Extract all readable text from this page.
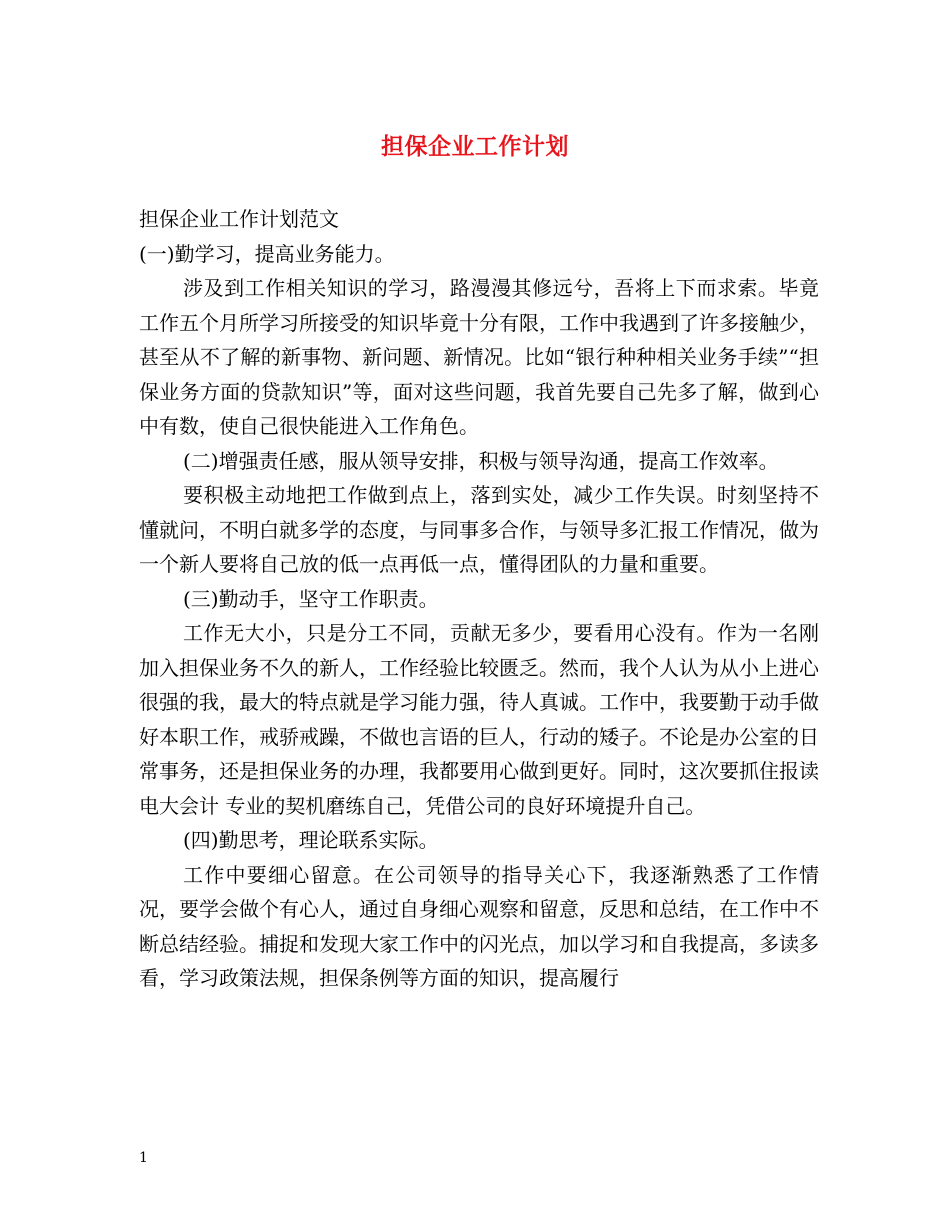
担保企业工作计划

担保企业工作计划范文

(一)勤学习，提高业务能力。

涉及到工作相关知识的学习，路漫漫其修远兮，吾将上下而求索。毕竟工作五个月所学习所接受的知识毕竟十分有限，工作中我遇到了许多接触少，甚至从不了解的新事物、新问题、新情况。比如“银行种种相关业务手续”“担保业务方面的贷款知识”等，面对这些问题，我首先要自己先多了解，做到心中有数，使自己很快能进入工作角色。

(二)增强责任感，服从领导安排，积极与领导沟通，提高工作效率。

要积极主动地把工作做到点上，落到实处，减少工作失误。时刻坚持不懂就问，不明白就多学的态度，与同事多合作，与领导多汇报工作情况，做为一个新人要将自己放的低一点再低一点，懂得团队的力量和重要。

(三)勤动手，坚守工作职责。

工作无大小，只是分工不同，贡献无多少，要看用心没有。作为一名刚加入担保业务不久的新人，工作经验比较匮乏。然而，我个人认为从小上进心很强的我，最大的特点就是学习能力强，待人真诚。工作中，我要勤于动手做好本职工作，戒骄戒躁，不做也言语的巨人，行动的矮子。不论是办公室的日常事务，还是担保业务的办理，我都要用心做到更好。同时，这次要抓住报读电大会计 专业的契机磨练自己，凭借公司的良好环境提升自己。

(四)勤思考，理论联系实际。

工作中要细心留意。在公司领导的指导关心下，我逐渐熟悉了工作情况，要学会做个有心人，通过自身细心观察和留意，反思和总结，在工作中不断总结经验。捕捉和发现大家工作中的闪光点，加以学习和自我提高，多读多看，学习政策法规，担保条例等方面的知识，提高履行

1
